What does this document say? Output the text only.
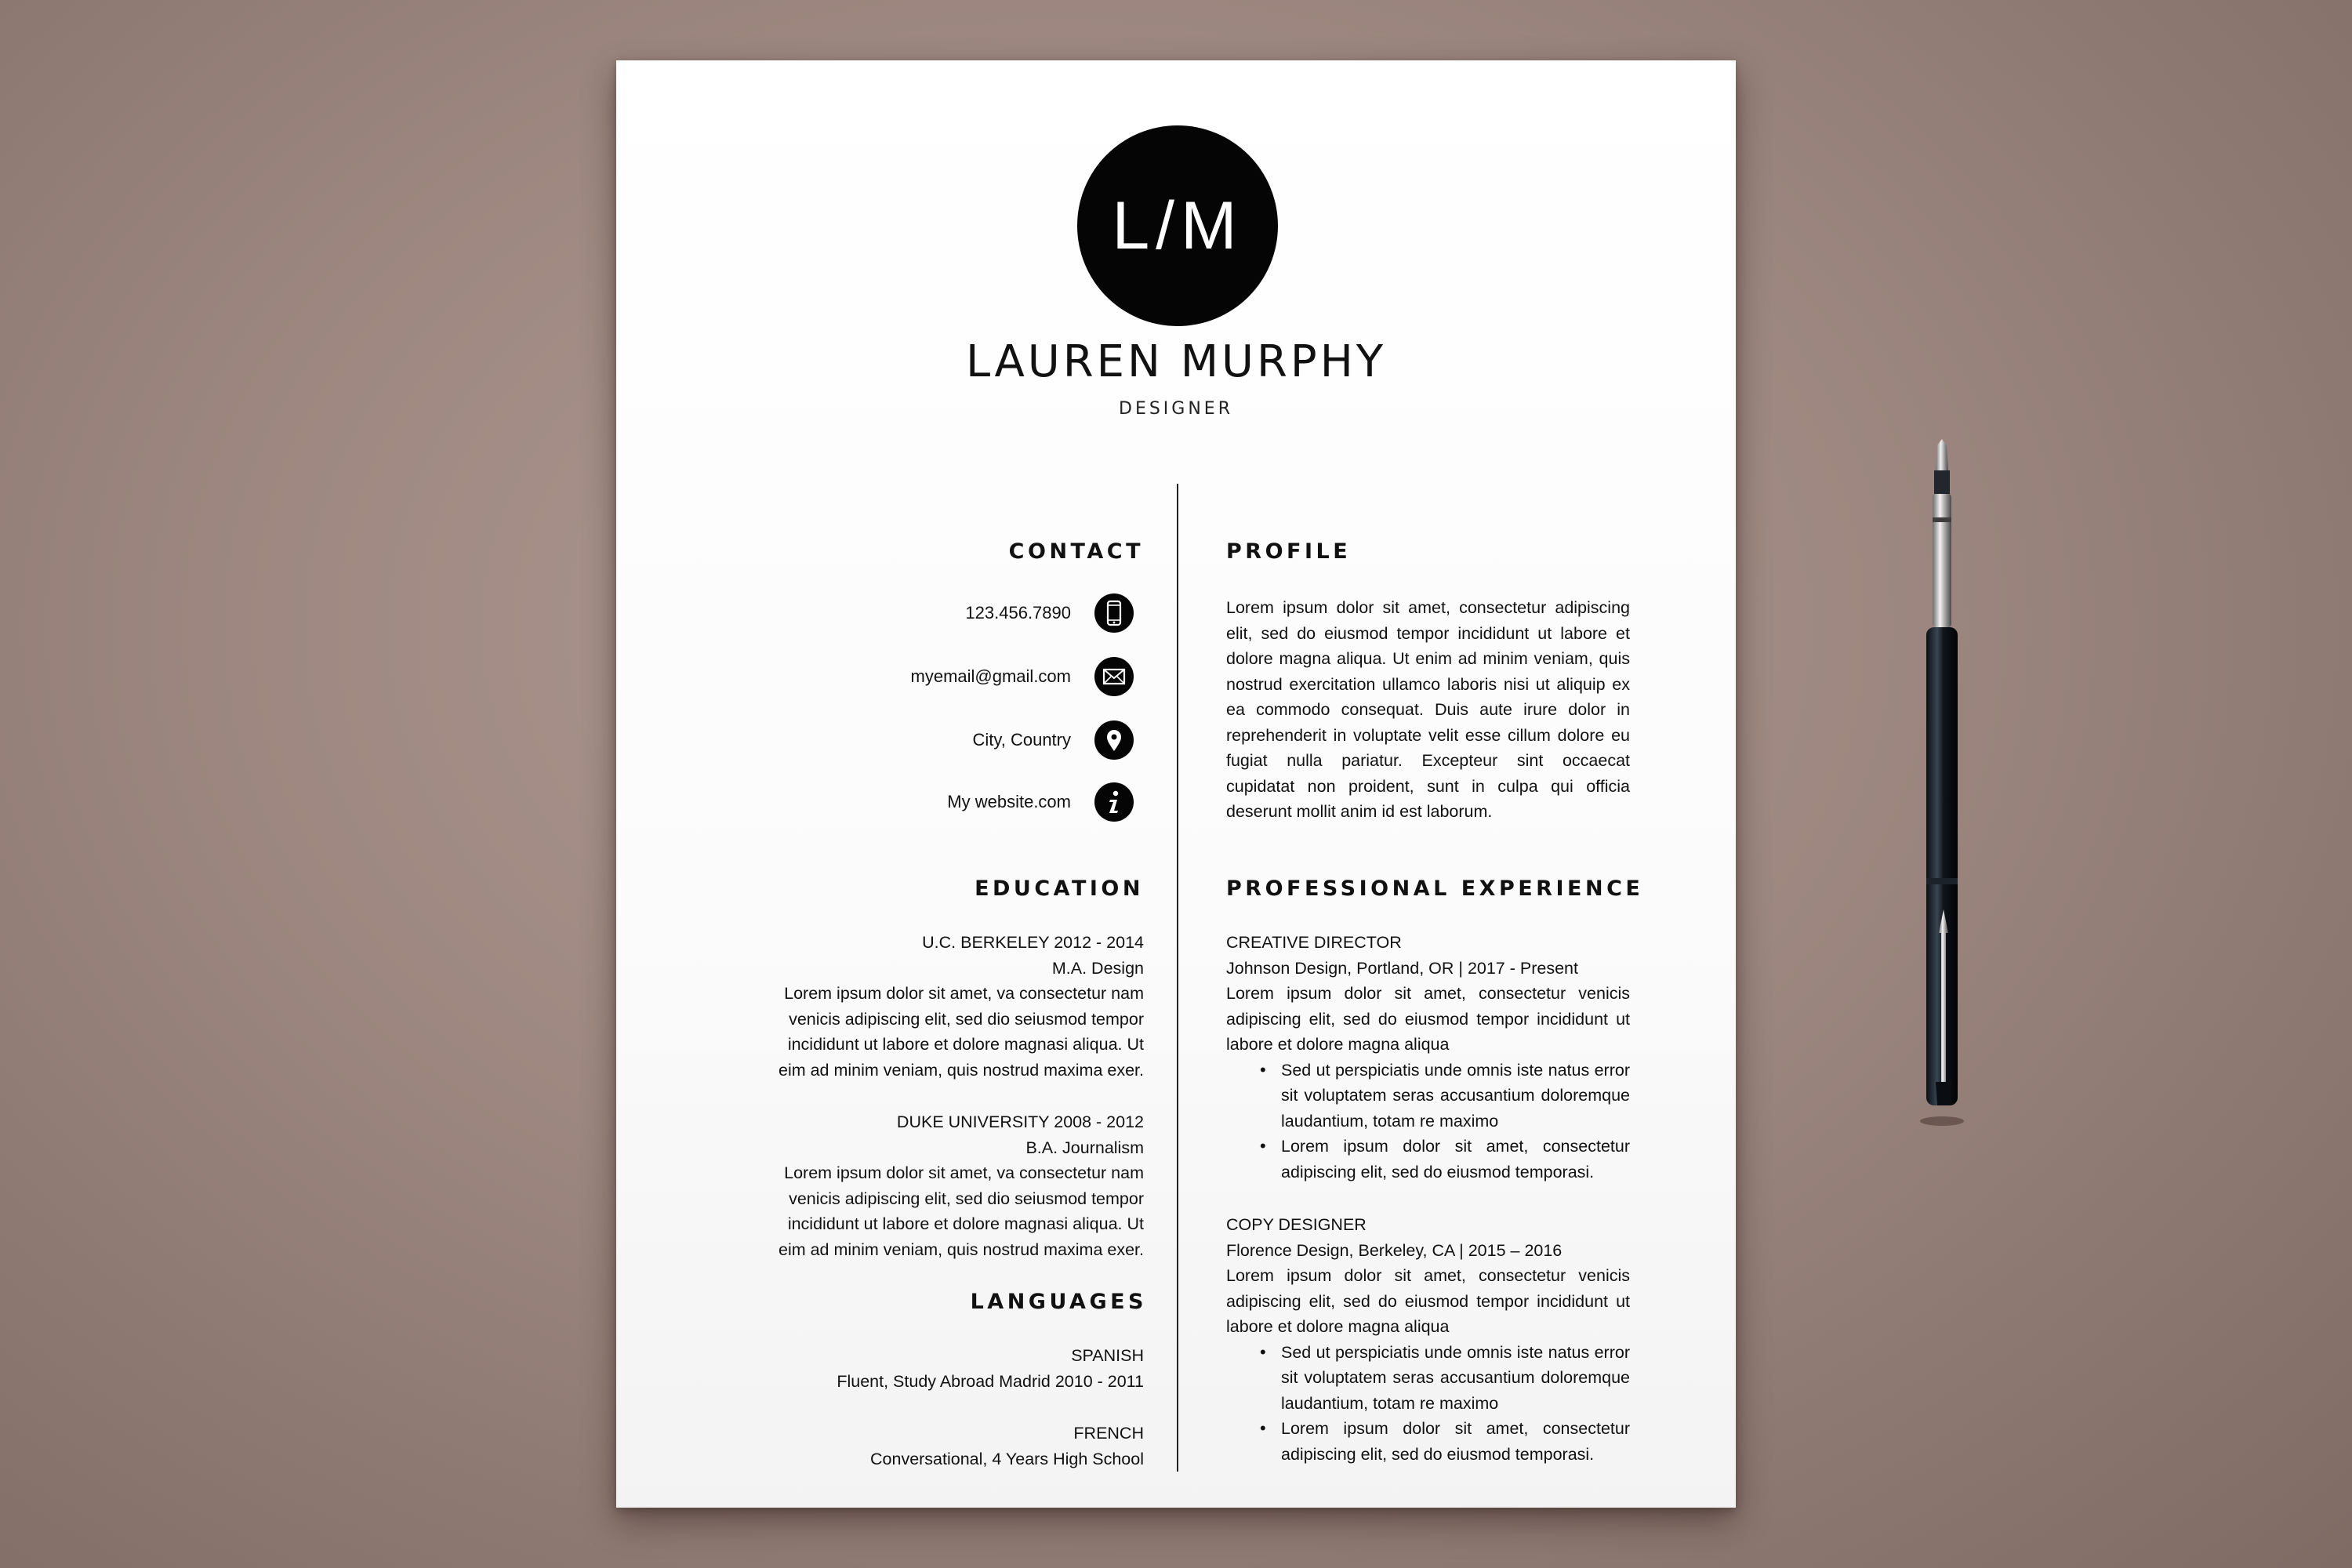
L/M
LAUREN MURPHY
DESIGNER
CONTACT
123.456.7890
myemail@gmail.com
City, Country
My website.com
EDUCATION
U.C. BERKELEY 2012 - 2014
M.A. Design
Lorem ipsum dolor sit amet, va consectetur nam
venicis adipiscing elit, sed dio seiusmod tempor
incididunt ut labore et dolore magnasi aliqua. Ut
eim ad minim veniam, quis nostrud maxima exer.
DUKE UNIVERSITY 2008 - 2012
B.A. Journalism
Lorem ipsum dolor sit amet, va consectetur nam
venicis adipiscing elit, sed dio seiusmod tempor
incididunt ut labore et dolore magnasi aliqua. Ut
eim ad minim veniam, quis nostrud maxima exer.
LANGUAGES
SPANISH
Fluent, Study Abroad Madrid 2010 - 2011
FRENCH
Conversational, 4 Years High School
PROFILE
Lorem ipsum dolor sit amet, consectetur adipiscing elit, sed do eiusmod tempor incididunt ut labore et dolore magna aliqua. Ut enim ad minim veniam, quis nostrud exercitation ullamco laboris nisi ut aliquip ex ea commodo consequat. Duis aute irure dolor in reprehenderit in voluptate velit esse cillum dolore eu fugiat nulla pariatur. Excepteur sint occaecat cupidatat non proident, sunt in culpa qui officia deserunt mollit anim id est laborum.
PROFESSIONAL EXPERIENCE
CREATIVE DIRECTOR
Johnson Design, Portland, OR | 2017 - Present
Lorem ipsum dolor sit amet, consectetur venicis adipiscing elit, sed do eiusmod tempor incididunt ut labore et dolore magna aliqua
• Sed ut perspiciatis unde omnis iste natus error sit voluptatem seras accusantium doloremque laudantium, totam re maximo
• Lorem ipsum dolor sit amet, consectetur adipiscing elit, sed do eiusmod temporasi.
COPY DESIGNER
Florence Design, Berkeley, CA | 2015 – 2016
Lorem ipsum dolor sit amet, consectetur venicis adipiscing elit, sed do eiusmod tempor incididunt ut labore et dolore magna aliqua
• Sed ut perspiciatis unde omnis iste natus error sit voluptatem seras accusantium doloremque laudantium, totam re maximo
• Lorem ipsum dolor sit amet, consectetur adipiscing elit, sed do eiusmod temporasi.
